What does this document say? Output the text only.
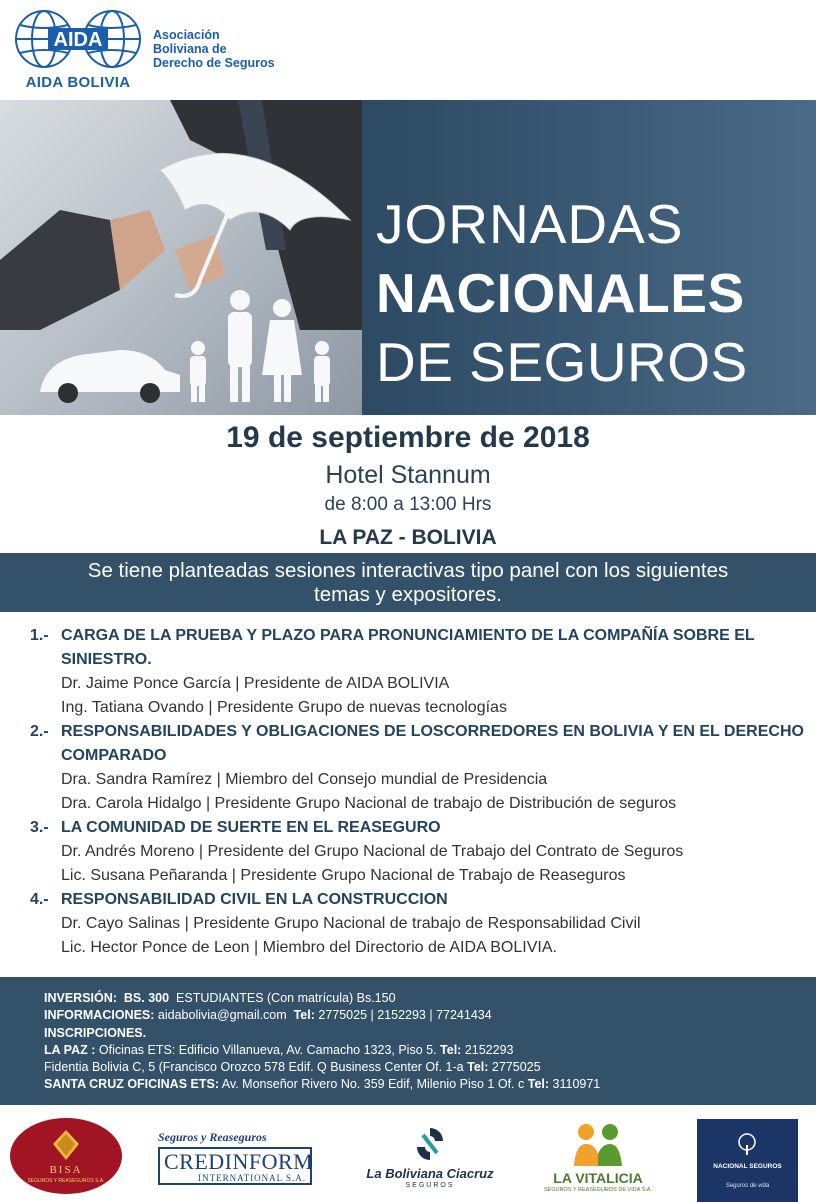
AIDA
AIDA BOLIVIA
Asociación
Boliviana de
Derecho de Seguros
JORNADAS
NACIONALES
DE SEGUROS
19 de septiembre de 2018
Hotel Stannum
de 8:00 a 13:00 Hrs
LA PAZ - BOLIVIA
Se tiene planteadas sesiones interactivas tipo panel con los siguientes
temas y expositores.
1.- CARGA DE LA PRUEBA Y PLAZO PARA PRONUNCIAMIENTO DE LA COMPAÑÍA SOBRE EL SINIESTRO.
Dr. Jaime Ponce García | Presidente de AIDA BOLIVIA
Ing. Tatiana Ovando | Presidente Grupo de nuevas tecnologías
2.- RESPONSABILIDADES Y OBLIGACIONES DE LOSCORREDORES EN BOLIVIA Y EN EL DERECHO COMPARADO
Dra. Sandra Ramírez | Miembro del Consejo mundial de Presidencia
Dra. Carola Hidalgo | Presidente Grupo Nacional de trabajo de Distribución de seguros
3.- LA COMUNIDAD DE SUERTE EN EL REASEGURO
Dr. Andrés Moreno | Presidente del Grupo Nacional de Trabajo del Contrato de Seguros
Lic. Susana Peñaranda | Presidente Grupo Nacional de Trabajo de Reaseguros
4.- RESPONSABILIDAD CIVIL EN LA CONSTRUCCION
Dr. Cayo Salinas | Presidente Grupo Nacional de trabajo de Responsabilidad Civil
Lic. Hector Ponce de Leon | Miembro del Directorio de AIDA BOLIVIA.
INVERSIÓN: BS. 300 ESTUDIANTES (Con matrícula) Bs.150
INFORMACIONES: aidabolivia@gmail.com Tel: 2775025 | 2152293 | 77241434
INSCRIPCIONES.
LA PAZ : Oficinas ETS: Edificio Villanueva, Av. Camacho 1323, Piso 5. Tel: 2152293
Fidentia Bolivia C, 5 (Francisco Orozco 578 Edif. Q Business Center Of. 1-a Tel: 2775025
SANTA CRUZ OFICINAS ETS: Av. Monseñor Rivero No. 359 Edif, Milenio Piso 1 Of. c Tel: 3110971
BISA
SEGUROS Y REASEGUROS S.A.
Seguros y Reaseguros
CREDINFORM
INTERNATIONAL S.A.	La Boliviana Ciacruz
SEGUROS	LA VITALICIA
SEGUROS Y REASEGUROS DE VIDA S.A.
NACIONAL SEGUROS
Seguros de vida
